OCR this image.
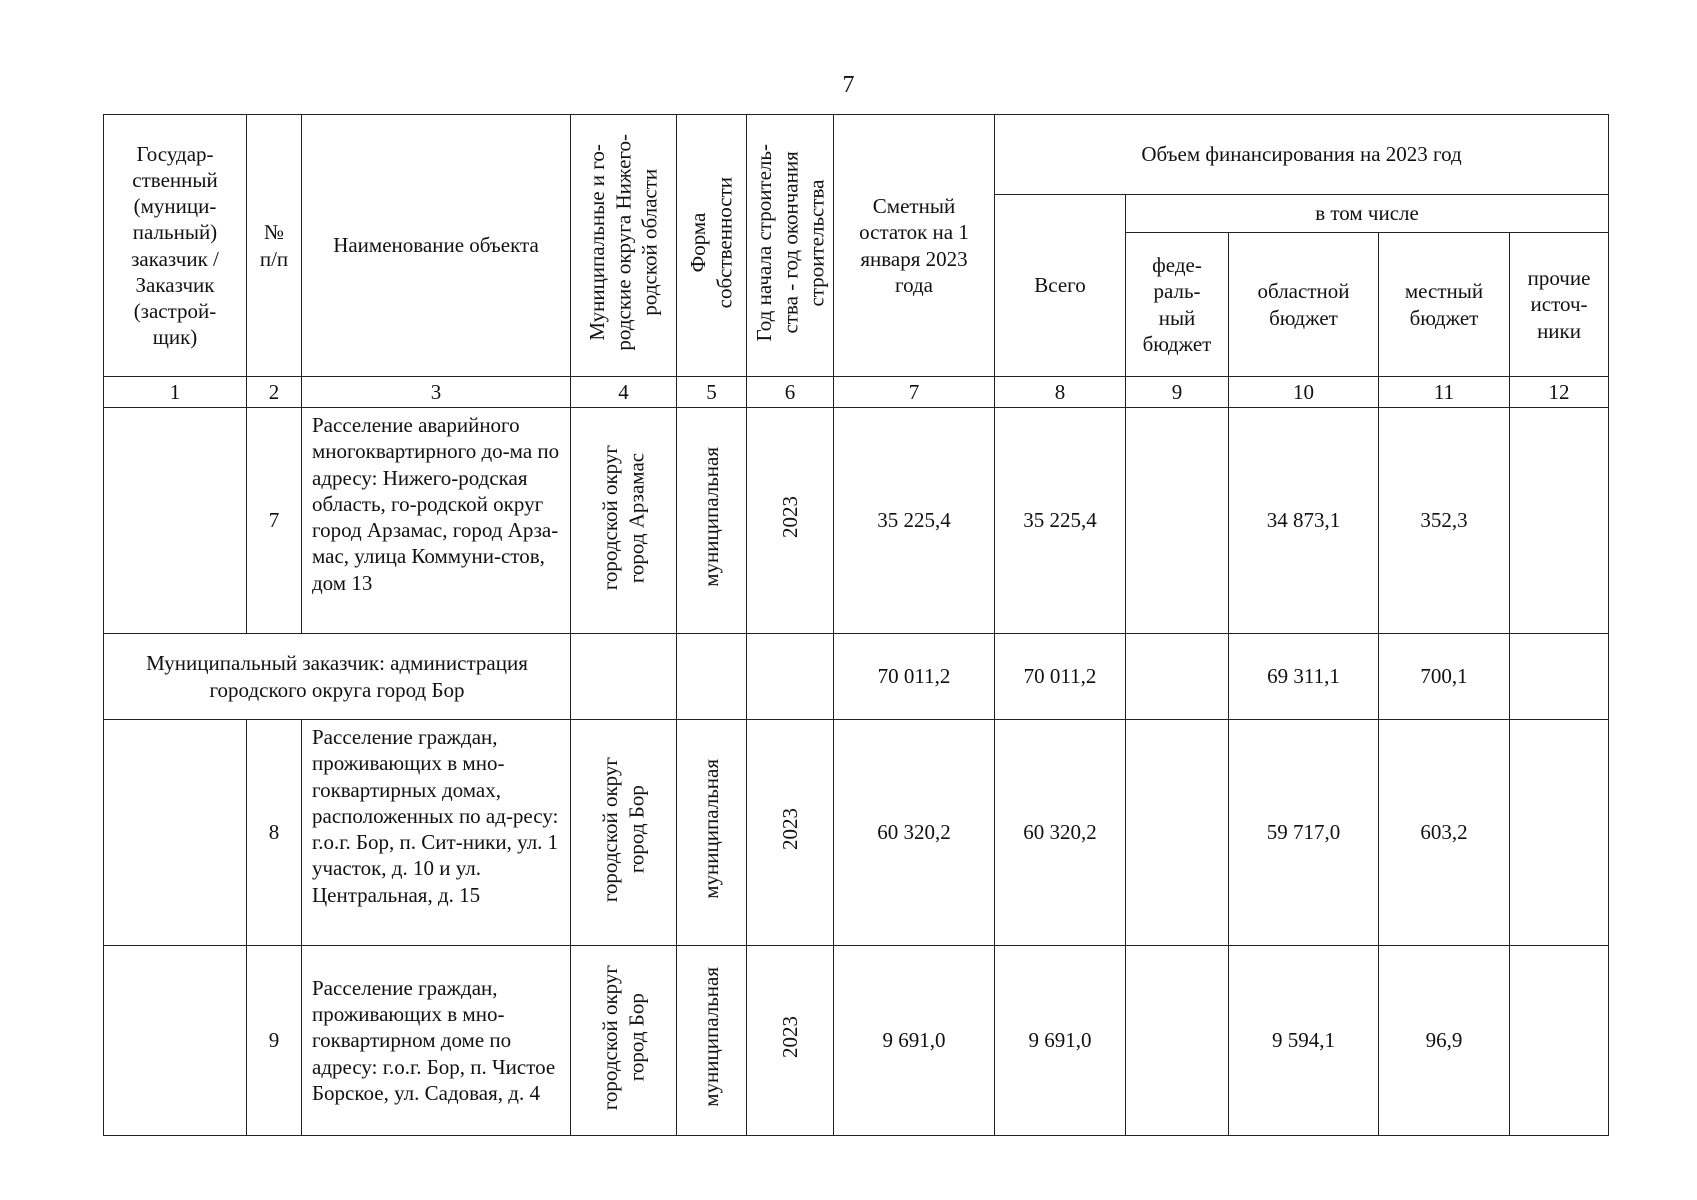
7
Государ-ственный (муници-пальный) заказчик / Заказчик (застрой-щик)	№ п/п	Наименование объекта	Муниципальные и го- родские округа Нижего- родской области	Форма собственности	Год начала строитель- ства - год окончания строительства	Сметный остаток на 1 января 2023 года	Объем финансирования на 2023 год				
							Всего	в том числе			
								феде-раль-ный бюджет	областной бюджет	местный бюджет	прочие источ-ники
1	2	3	4	5	6	7	8	9	10	11	12
	7	Расселение аварийного многоквартирного до-ма по адресу: Нижего-родская область, го-родской округ город Арзамас, город Арза-мас, улица Коммуни-стов, дом 13	городской округ город Арзамас	муниципальная	2023	35 225,4	35 225,4		34 873,1	352,3	
Муниципальный заказчик: администрация городского округа город Бор						70 011,2	70 011,2		69 311,1	700,1	
	8	Расселение граждан, проживающих в мно-гоквартирных домах, расположенных по ад-ресу: г.о.г. Бор, п. Сит-ники, ул. 1 участок, д. 10 и ул. Центральная, д. 15	городской округ город Бор	муниципальная	2023	60 320,2	60 320,2		59 717,0	603,2	
	9	Расселение граждан, проживающих в мно-гоквартирном доме по адресу: г.о.г. Бор, п. Чистое Борское, ул. Садовая, д. 4	городской округ город Бор	муниципальная	2023	9 691,0	9 691,0		9 594,1	96,9	
